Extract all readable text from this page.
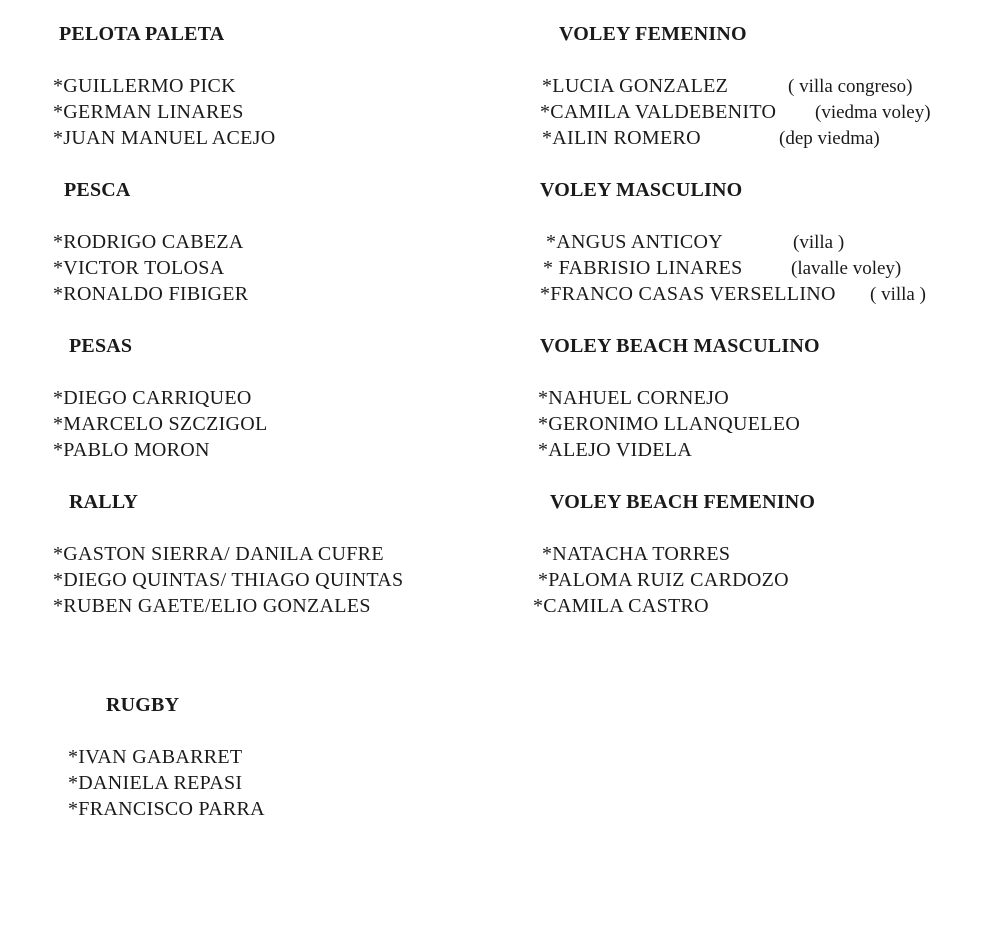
PELOTA PALETA
*GUILLERMO PICK
*GERMAN LINARES
*JUAN MANUEL ACEJO
PESCA
*RODRIGO CABEZA
*VICTOR TOLOSA
*RONALDO FIBIGER
PESAS
*DIEGO CARRIQUEO
*MARCELO SZCZIGOL
*PABLO MORON
RALLY
*GASTON SIERRA/ DANILA CUFRE
*DIEGO QUINTAS/ THIAGO QUINTAS
*RUBEN GAETE/ELIO GONZALES
RUGBY
*IVAN GABARRET
*DANIELA REPASI
*FRANCISCO PARRA
VOLEY FEMENINO
*LUCIA GONZALEZ	( villa congreso)
*CAMILA VALDEBENITO (viedma voley)
*AILIN ROMERO	(dep viedma)
VOLEY MASCULINO
*ANGUS ANTICOY	(villa )
* FABRISIO LINARES	(lavalle voley)
*FRANCO CASAS VERSELLINO ( villa )
VOLEY BEACH MASCULINO
*NAHUEL CORNEJO
*GERONIMO LLANQUELEO
*ALEJO VIDELA
VOLEY BEACH FEMENINO
*NATACHA TORRES
*PALOMA RUIZ CARDOZO
*CAMILA CASTRO
